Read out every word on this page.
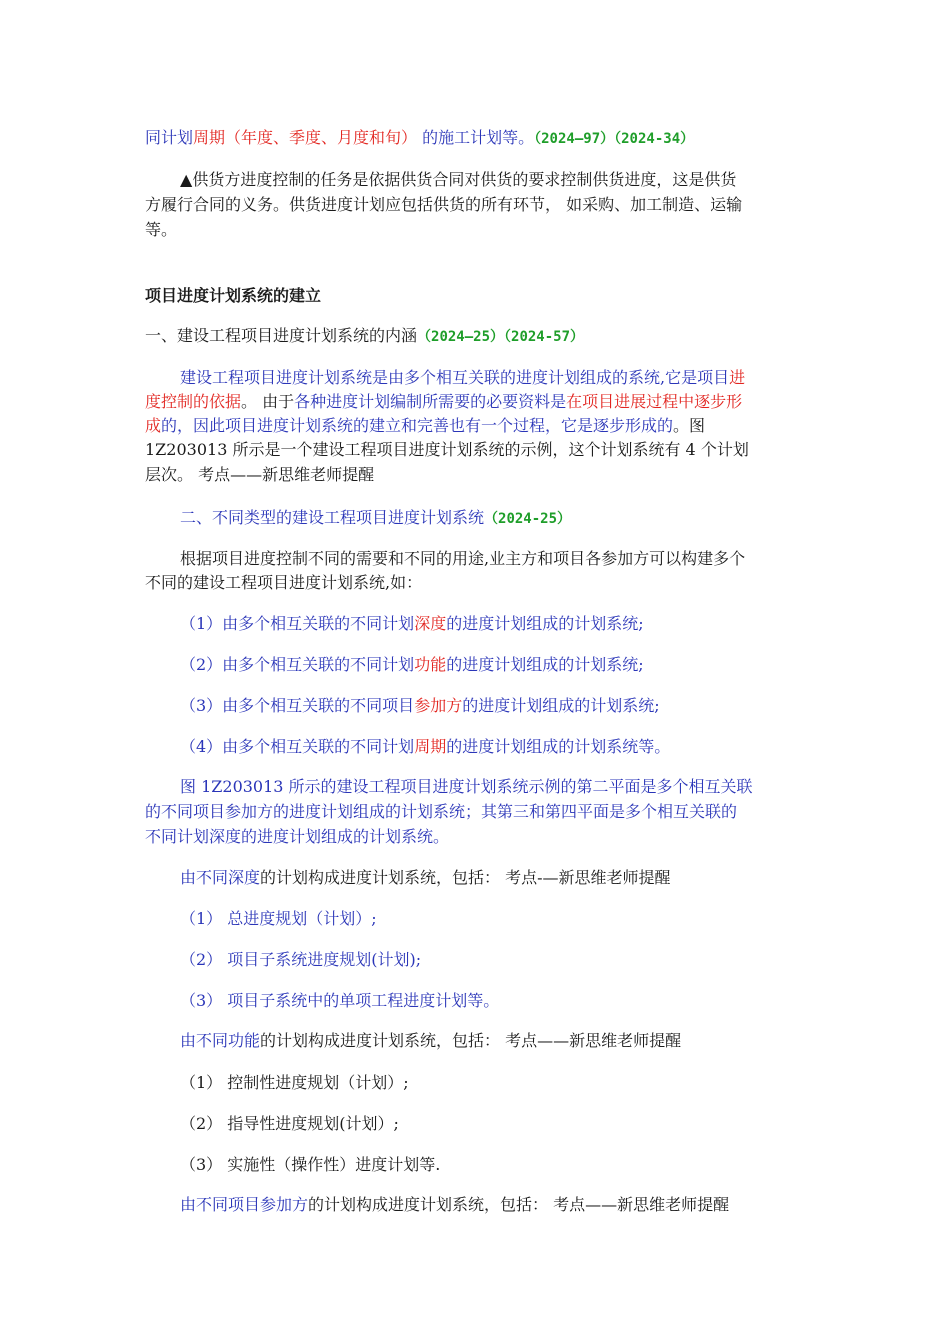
同计划周期（年度、季度、月度和旬） 的施工计划等。（2024—97）（2024-34）

▲供货方进度控制的任务是依据供货合同对供货的要求控制供货进度，这是供货

方履行合同的义务。供货进度计划应包括供货的所有环节， 如采购、加工制造、运输

等。

项目进度计划系统的建立

一、建设工程项目进度计划系统的内涵（2024—25）（2024-57）

建设工程项目进度计划系统是由多个相互关联的进度计划组成的系统,它是项目进

度控制的依据。 由于各种进度计划编制所需要的必要资料是在项目进展过程中逐步形

成的，因此项目进度计划系统的建立和完善也有一个过程，它是逐步形成的。图

1Z203013 所示是一个建设工程项目进度计划系统的示例，这个计划系统有 4 个计划

层次。 考点——新思维老师提醒

二、不同类型的建设工程项目进度计划系统（2024-25）

根据项目进度控制不同的需要和不同的用途,业主方和项目各参加方可以构建多个

不同的建设工程项目进度计划系统,如：

（1）由多个相互关联的不同计划深度的进度计划组成的计划系统;

（2）由多个相互关联的不同计划功能的进度计划组成的计划系统;

（3）由多个相互关联的不同项目参加方的进度计划组成的计划系统;

（4）由多个相互关联的不同计划周期的进度计划组成的计划系统等。

图 1Z203013 所示的建设工程项目进度计划系统示例的第二平面是多个相互关联

的不同项目参加方的进度计划组成的计划系统；其第三和第四平面是多个相互关联的

不同计划深度的进度计划组成的计划系统。

由不同深度的计划构成进度计划系统，包括： 考点-—新思维老师提醒

（1） 总进度规划（计划）;

（2） 项目子系统进度规划(计划);

（3） 项目子系统中的单项工程进度计划等。

由不同功能的计划构成进度计划系统，包括： 考点——新思维老师提醒

（1） 控制性进度规划（计划）;

（2） 指导性进度规划(计划）;

（3） 实施性（操作性）进度计划等.

由不同项目参加方的计划构成进度计划系统，包括： 考点——新思维老师提醒
